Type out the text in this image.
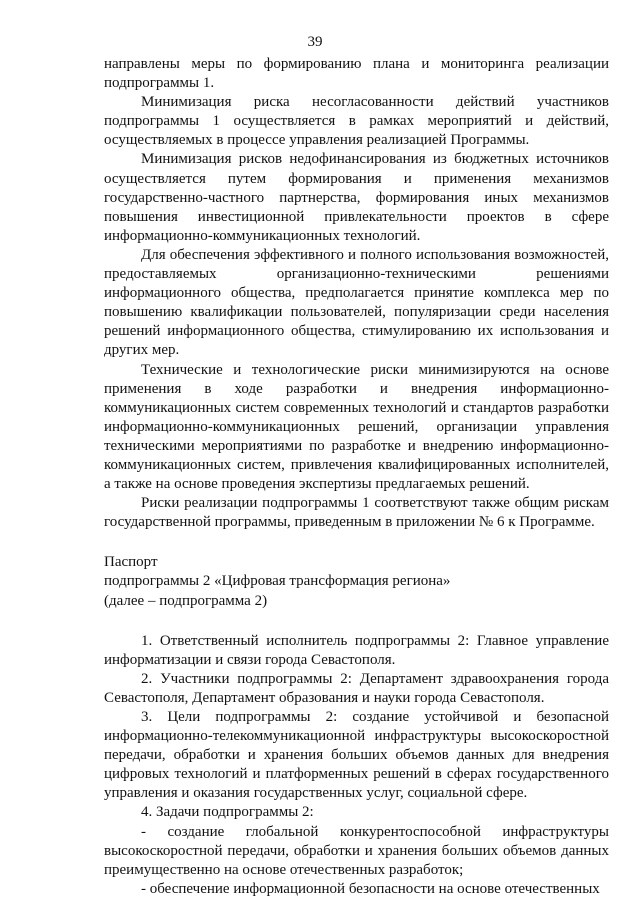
39

направлены меры по формированию плана и мониторинга реализации подпрограммы 1.

Минимизация риска несогласованности действий участников подпрограммы 1 осуществляется в рамках мероприятий и действий, осуществляемых в процессе управления реализацией Программы.

Минимизация рисков недофинансирования из бюджетных источников осуществляется путем формирования и применения механизмов государственно-частного партнерства, формирования иных механизмов повышения инвестиционной привлекательности проектов в сфере информационно-коммуникационных технологий.

Для обеспечения эффективного и полного использования возможностей, предоставляемых организационно-техническими решениями информационного общества, предполагается принятие комплекса мер по повышению квалификации пользователей, популяризации среди населения решений информационного общества, стимулированию их использования и других мер.

Технические и технологические риски минимизируются на основе применения в ходе разработки и внедрения информационно-коммуникационных систем современных технологий и стандартов разработки информационно-коммуникационных решений, организации управления техническими мероприятиями по разработке и внедрению информационно-коммуникационных систем, привлечения квалифицированных исполнителей, а также на основе проведения экспертизы предлагаемых решений.

Риски реализации подпрограммы 1 соответствуют также общим рискам государственной программы, приведенным в приложении № 6 к Программе.

Паспорт

подпрограммы 2 «Цифровая трансформация региона»

(далее – подпрограмма 2)

1. Ответственный исполнитель подпрограммы 2: Главное управление информатизации и связи города Севастополя.

2. Участники подпрограммы 2: Департамент здравоохранения города Севастополя, Департамент образования и науки города Севастополя.

3. Цели подпрограммы 2: создание устойчивой и безопасной информационно-телекоммуникационной инфраструктуры высокоскоростной передачи, обработки и хранения больших объемов данных для внедрения цифровых технологий и платформенных решений в сферах государственного управления и оказания государственных услуг, социальной сфере.

4. Задачи подпрограммы 2:

- создание глобальной конкурентоспособной инфраструктуры высокоскоростной передачи, обработки и хранения больших объемов данных преимущественно на основе отечественных разработок;

- обеспечение информационной безопасности на основе отечественных
